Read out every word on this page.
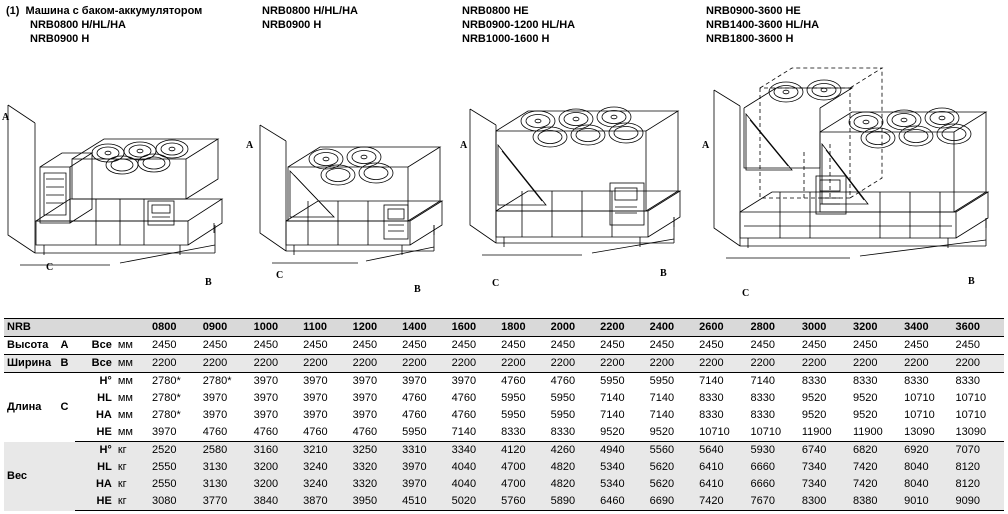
(1) Машина с баком-аккумулятором
NRB0800 H/HL/HA
NRB0900 H
NRB0800 H/HL/HA
NRB0900 H
NRB0800 HE
NRB0900-1200 HL/HA
NRB1000-1600 H
NRB0900-3600 HE
NRB1400-3600 HL/HA
NRB1800-3600 H
A
C
B
A
C
B
A
C
B
A
C
B
NRB				0800	0900	1000	1100	1200	1400	1600	1800	2000	2200	2400	2600	2800	3000	3200	3400	3600
Высота	A	Все	мм	2450	2450	2450	2450	2450	2450	2450	2450	2450	2450	2450	2450	2450	2450	2450	2450	2450
Ширина	B	Все	мм	2200	2200	2200	2200	2200	2200	2200	2200	2200	2200	2200	2200	2200	2200	2200	2200	2200
Длина	C	H°	мм	2780*	2780*	3970	3970	3970	3970	3970	4760	4760	5950	5950	7140	7140	8330	8330	8330	8330
		HL	мм	2780*	3970	3970	3970	3970	4760	4760	5950	5950	7140	7140	8330	8330	9520	9520	10710	10710
		HA	мм	2780*	3970	3970	3970	3970	4760	4760	5950	5950	7140	7140	8330	8330	9520	9520	10710	10710
		HE	мм	3970	4760	4760	4760	4760	5950	7140	8330	8330	9520	9520	10710	10710	11900	11900	13090	13090
Вес		H°	кг	2520	2580	3160	3210	3250	3310	3340	4120	4260	4940	5560	5640	5930	6740	6820	6920	7070
		HL	кг	2550	3130	3200	3240	3320	3970	4040	4700	4820	5340	5620	6410	6660	7340	7420	8040	8120
		HA	кг	2550	3130	3200	3240	3320	3970	4040	4700	4820	5340	5620	6410	6660	7340	7420	8040	8120
		HE	кг	3080	3770	3840	3870	3950	4510	5020	5760	5890	6460	6690	7420	7670	8300	8380	9010	9090
